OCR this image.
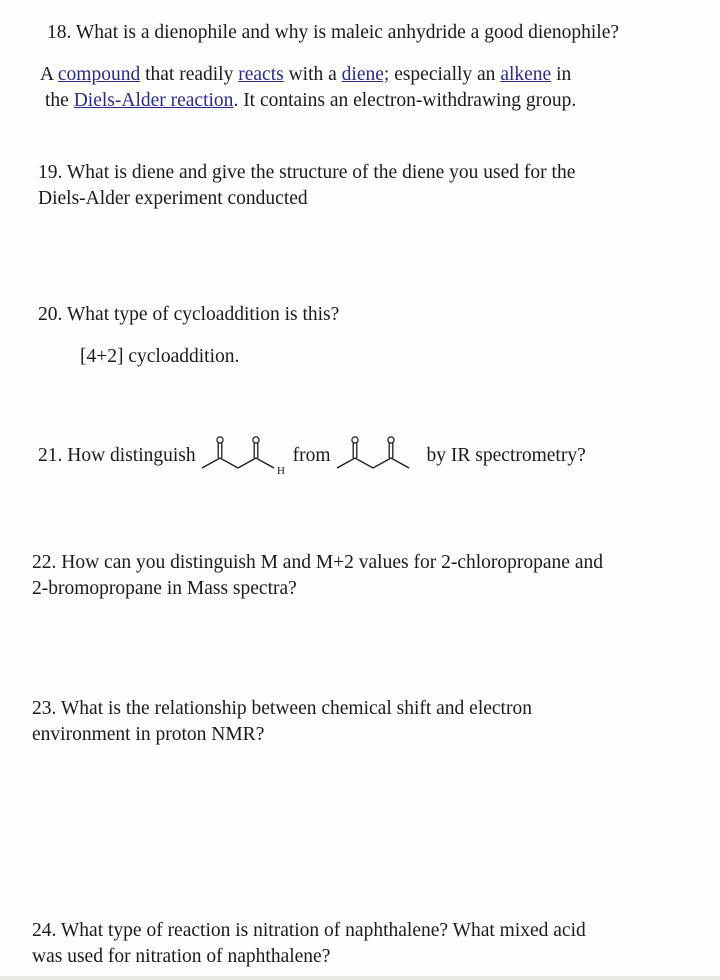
18. What is a dienophile and why is maleic anhydride a good dienophile?
A compound that readily reacts with a diene; especially an alkene in
the Diels-Alder reaction. It contains an electron-withdrawing group.
19. What is diene and give the structure of the diene you used for the
Diels-Alder experiment conducted
20. What type of cycloaddition is this?
[4+2] cycloaddition.
21. How distinguish
H
from	by IR spectrometry?
22. How can you distinguish M and M+2 values for 2-chloropropane and
2-bromopropane in Mass spectra?
23. What is the relationship between chemical shift and electron
environment in proton NMR?
24. What type of reaction is nitration of naphthalene? What mixed acid
was used for nitration of naphthalene?
